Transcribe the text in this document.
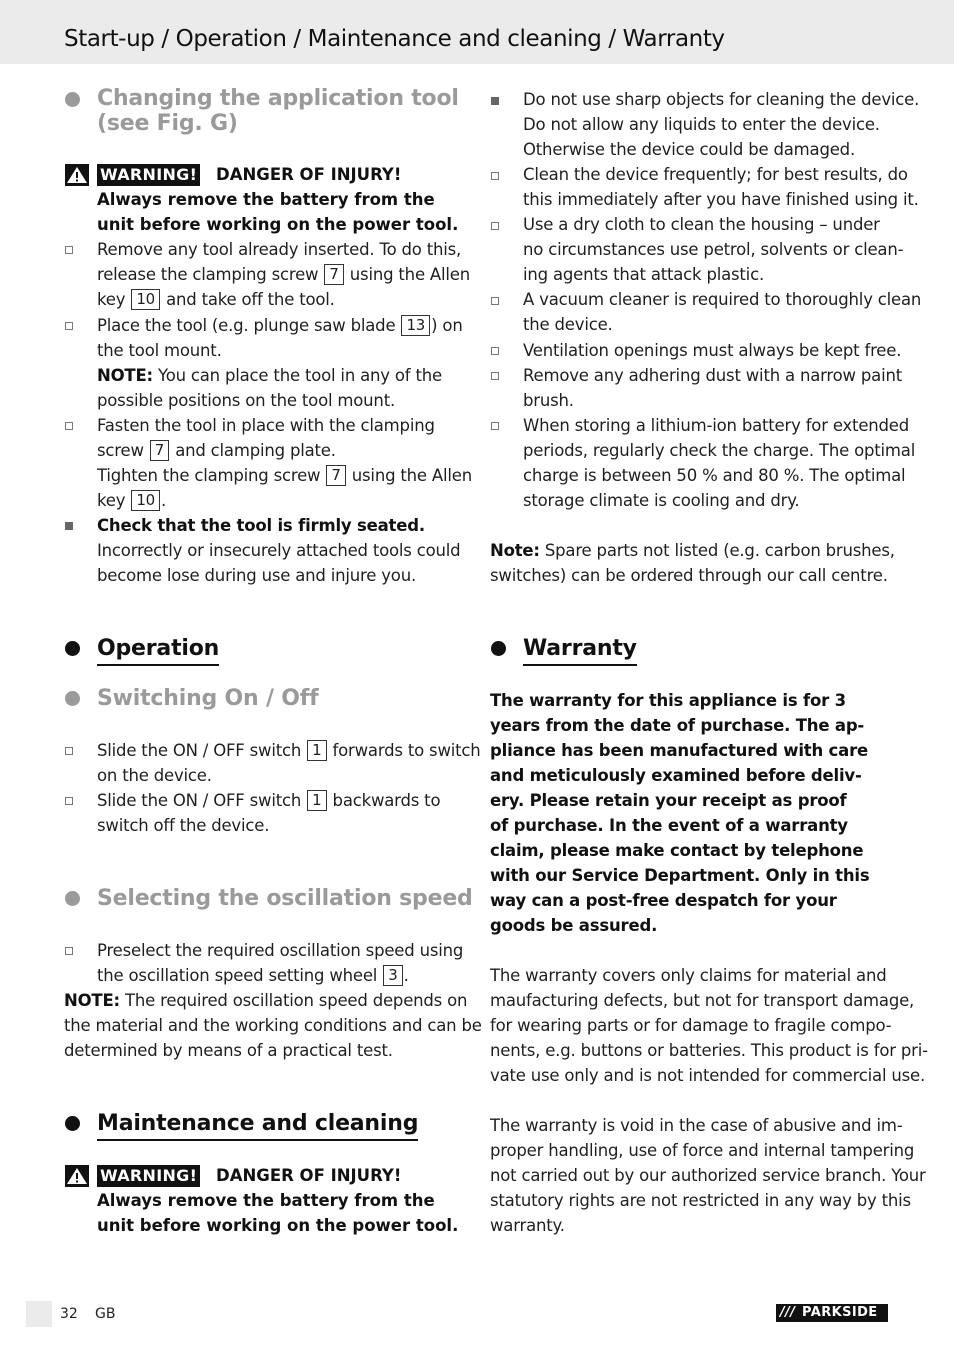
Start-up / Operation / Maintenance and cleaning / Warranty
Changing the application tool
(see Fig. G)
WARNING! DANGER OF INJURY!
Always remove the battery from the
unit before working on the power tool.
Remove any tool already inserted. To do this,
release the clamping screw 7 using the Allen
key 10 and take off the tool.
Place the tool (e.g. plunge saw blade 13 ) on
the tool mount.
NOTE: You can place the tool in any of the
possible positions on the tool mount.
Fasten the tool in place with the clamping
screw 7 and clamping plate.
Tighten the clamping screw 7 using the Allen
key 10 .
Check that the tool is firmly seated.
Incorrectly or insecurely attached tools could
become lose during use and injure you.
Operation
Switching On / Off
Slide the ON / OFF switch 1 forwards to switch
on the device.
Slide the ON / OFF switch 1 backwards to
switch off the device.
Selecting the oscillation speed
Preselect the required oscillation speed using
the oscillation speed setting wheel 3 .
NOTE: The required oscillation speed depends on
the material and the working conditions and can be
determined by means of a practical test.
Maintenance and cleaning
WARNING! DANGER OF INJURY!
Always remove the battery from the
unit before working on the power tool.
Do not use sharp objects for cleaning the device.
Do not allow any liquids to enter the device.
Otherwise the device could be damaged.
Clean the device frequently; for best results, do
this immediately after you have finished using it.
Use a dry cloth to clean the housing – under
no circumstances use petrol, solvents or clean-
ing agents that attack plastic.
A vacuum cleaner is required to thoroughly clean
the device.
Ventilation openings must always be kept free.
Remove any adhering dust with a narrow paint
brush.
When storing a lithium-ion battery for extended
periods, regularly check the charge. The optimal
charge is between 50 % and 80 %. The optimal
storage climate is cooling and dry.
Note: Spare parts not listed (e.g. carbon brushes,
switches) can be ordered through our call centre.
Warranty
The warranty for this appliance is for 3
years from the date of purchase. The ap-
pliance has been manufactured with care
and meticulously examined before deliv-
ery. Please retain your receipt as proof
of purchase. In the event of a warranty
claim, please make contact by telephone
with our Service Department. Only in this
way can a post-free despatch for your
goods be assured.
The warranty covers only claims for material and
maufacturing defects, but not for transport damage,
for wearing parts or for damage to fragile compo-
nents, e.g. buttons or batteries. This product is for pri-
vate use only and is not intended for commercial use.
The warranty is void in the case of abusive and im-
proper handling, use of force and internal tampering
not carried out by our authorized service branch. Your
statutory rights are not restricted in any way by this
warranty.
32 GB	/// PARKSIDE
